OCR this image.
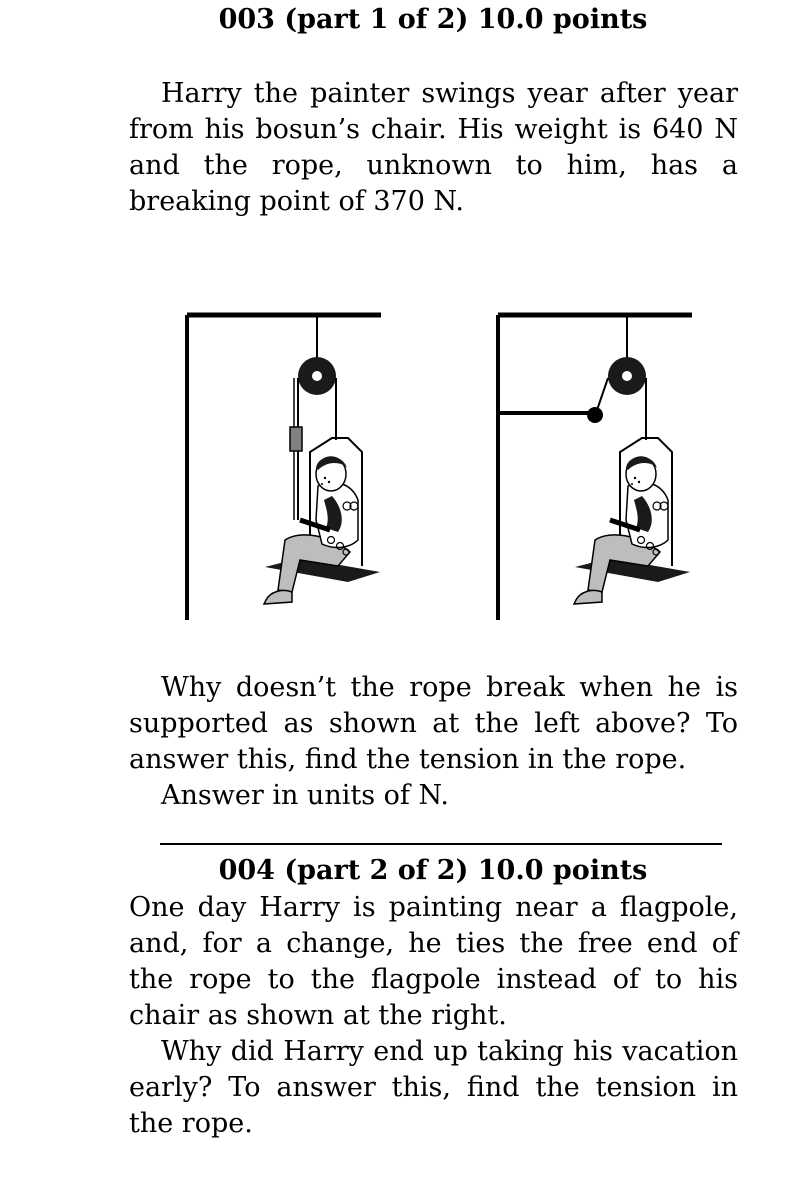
003 (part 1 of 2) 10.0 points
Harry the painter swings year after year from his bosun’s chair. His weight is 640 N and the rope, unknown to him, has a breaking point of 370 N.
Why doesn’t the rope break when he is supported as shown at the left above? To answer this, find the tension in the rope.
Answer in units of N.
004 (part 2 of 2) 10.0 points
One day Harry is painting near a flagpole, and, for a change, he ties the free end of the rope to the flagpole instead of to his chair as shown at the right.
Why did Harry end up taking his vacation early? To answer this, find the tension in the rope.
